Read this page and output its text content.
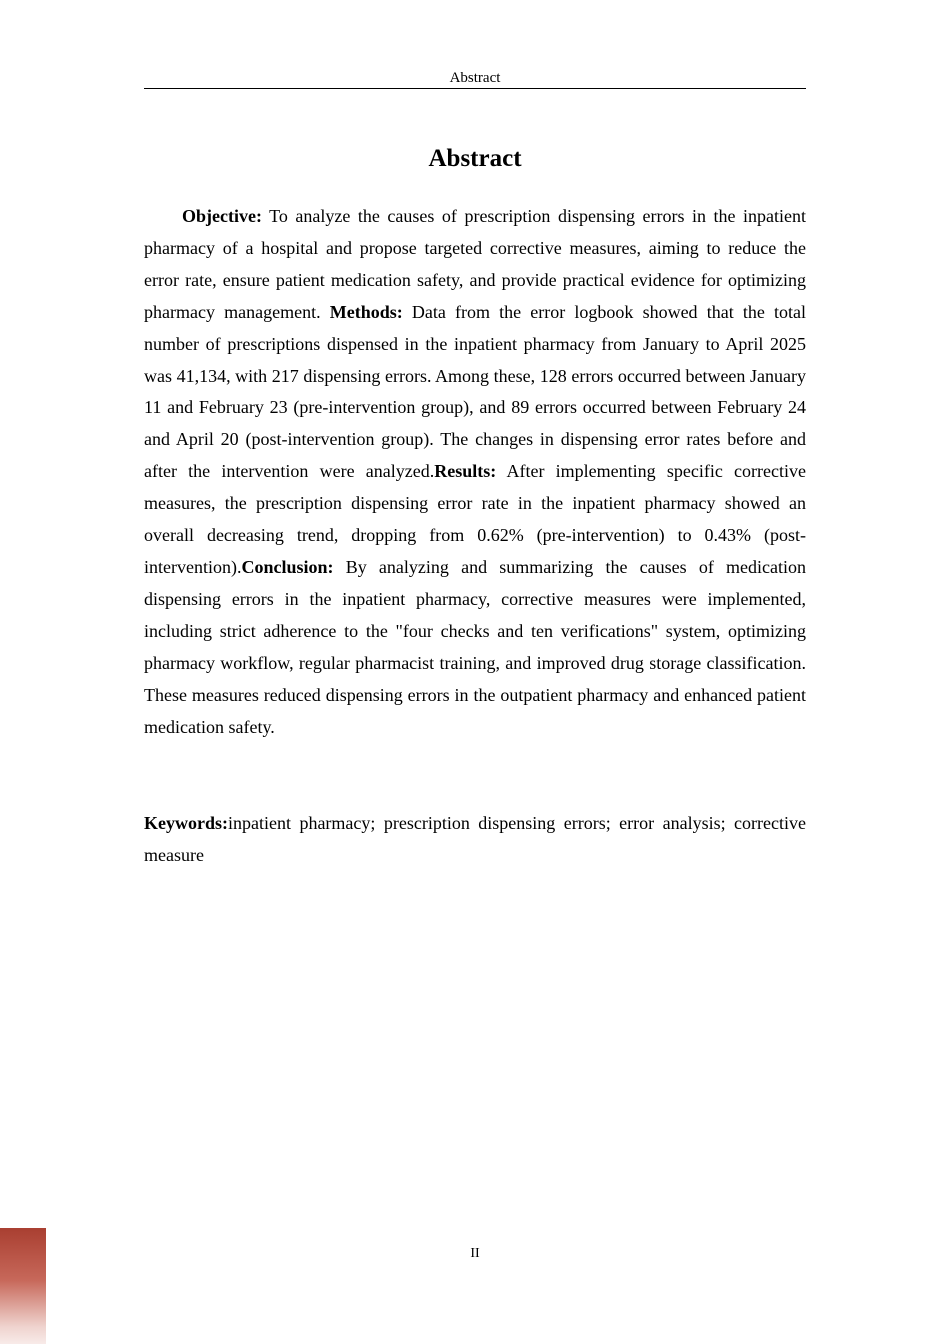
Abstract
Abstract

Objective: To analyze the causes of prescription dispensing errors in the inpatient pharmacy of a hospital and propose targeted corrective measures, aiming to reduce the error rate, ensure patient medication safety, and provide practical evidence for optimizing pharmacy management. Methods: Data from the error logbook showed that the total number of prescriptions dispensed in the inpatient pharmacy from January to April 2025 was 41,134, with 217 dispensing errors. Among these, 128 errors occurred between January 11 and February 23 (pre-intervention group), and 89 errors occurred between February 24 and April 20 (post-intervention group). The changes in dispensing error rates before and after the intervention were analyzed.Results: After implementing specific corrective measures, the prescription dispensing error rate in the inpatient pharmacy showed an overall decreasing trend, dropping from 0.62% (pre-intervention) to 0.43% (post-intervention).Conclusion: By analyzing and summarizing the causes of medication dispensing errors in the inpatient pharmacy, corrective measures were implemented, including strict adherence to the "four checks and ten verifications" system, optimizing pharmacy workflow, regular pharmacist training, and improved drug storage classification. These measures reduced dispensing errors in the outpatient pharmacy and enhanced patient medication safety.

Keywords:inpatient pharmacy; prescription dispensing errors; error analysis; corrective measure

II
